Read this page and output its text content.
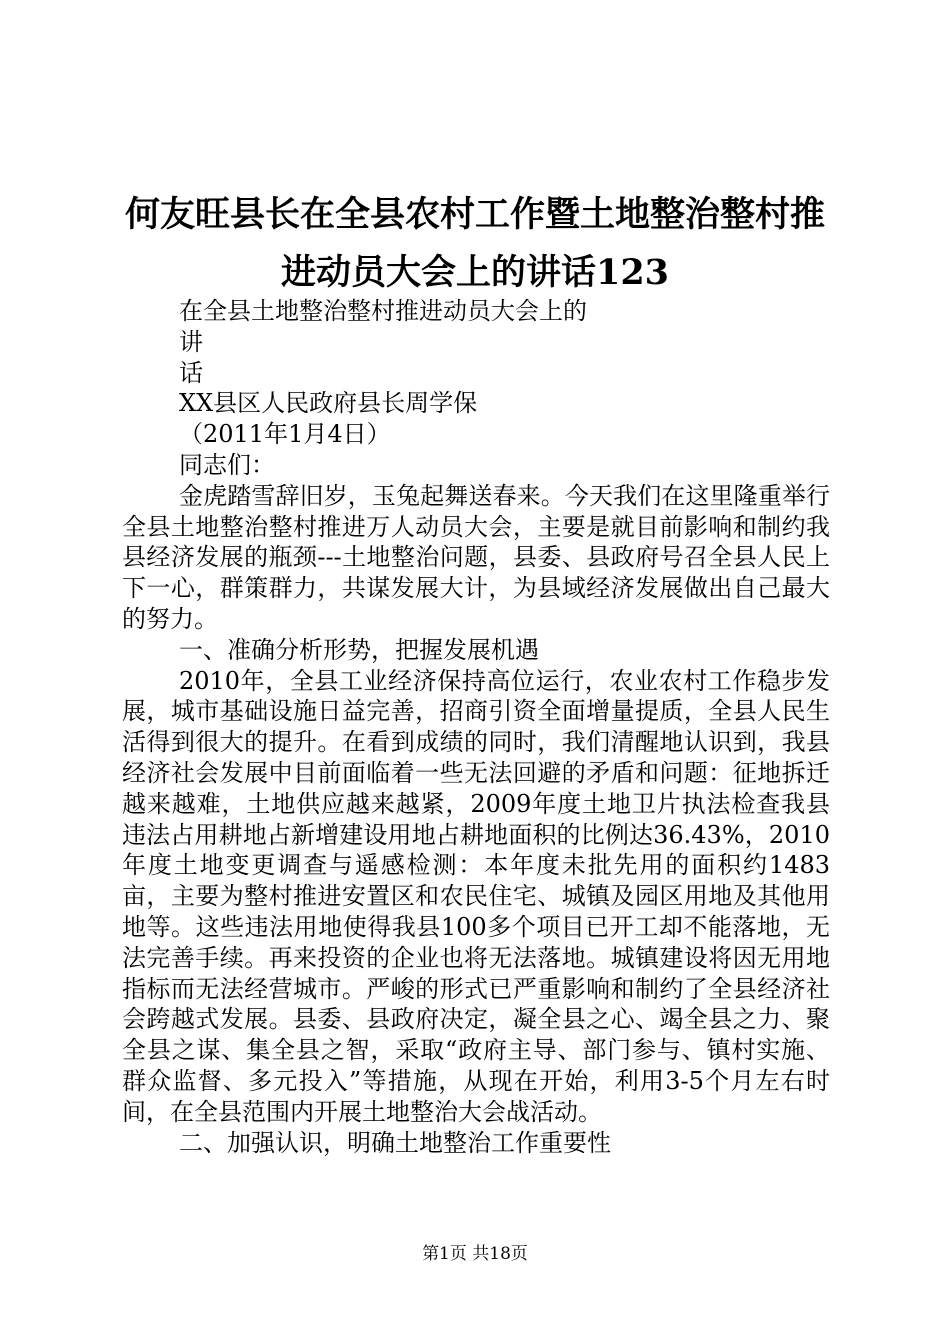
何友旺县长在全县农村工作暨土地整治整村推进动员大会上的讲话123

在全县土地整治整村推进动员大会上的

讲

话

XX县区人民政府县长周学保

（2011年1月4日）

同志们：

金虎踏雪辞旧岁，玉兔起舞送春来。今天我们在这里隆重举行全县土地整治整村推进万人动员大会，主要是就目前影响和制约我县经济发展的瓶颈---土地整治问题，县委、县政府号召全县人民上下一心，群策群力，共谋发展大计，为县域经济发展做出自己最大的努力。

一、准确分析形势，把握发展机遇

2010年，全县工业经济保持高位运行，农业农村工作稳步发展，城市基础设施日益完善，招商引资全面增量提质，全县人民生活得到很大的提升。在看到成绩的同时，我们清醒地认识到，我县经济社会发展中目前面临着一些无法回避的矛盾和问题：征地拆迁越来越难，土地供应越来越紧，2009年度土地卫片执法检查我县违法占用耕地占新增建设用地占耕地面积的比例达36.43%，2010年度土地变更调查与遥感检测：本年度未批先用的面积约1483亩，主要为整村推进安置区和农民住宅、城镇及园区用地及其他用地等。这些违法用地使得我县100多个项目已开工却不能落地，无法完善手续。再来投资的企业也将无法落地。城镇建设将因无用地指标而无法经营城市。严峻的形式已严重影响和制约了全县经济社会跨越式发展。县委、县政府决定，凝全县之心、竭全县之力、聚全县之谋、集全县之智，采取“政府主导、部门参与、镇村实施、群众监督、多元投入”等措施，从现在开始，利用3-5个月左右时间，在全县范围内开展土地整治大会战活动。

二、加强认识，明确土地整治工作重要性

第1页 共18页
